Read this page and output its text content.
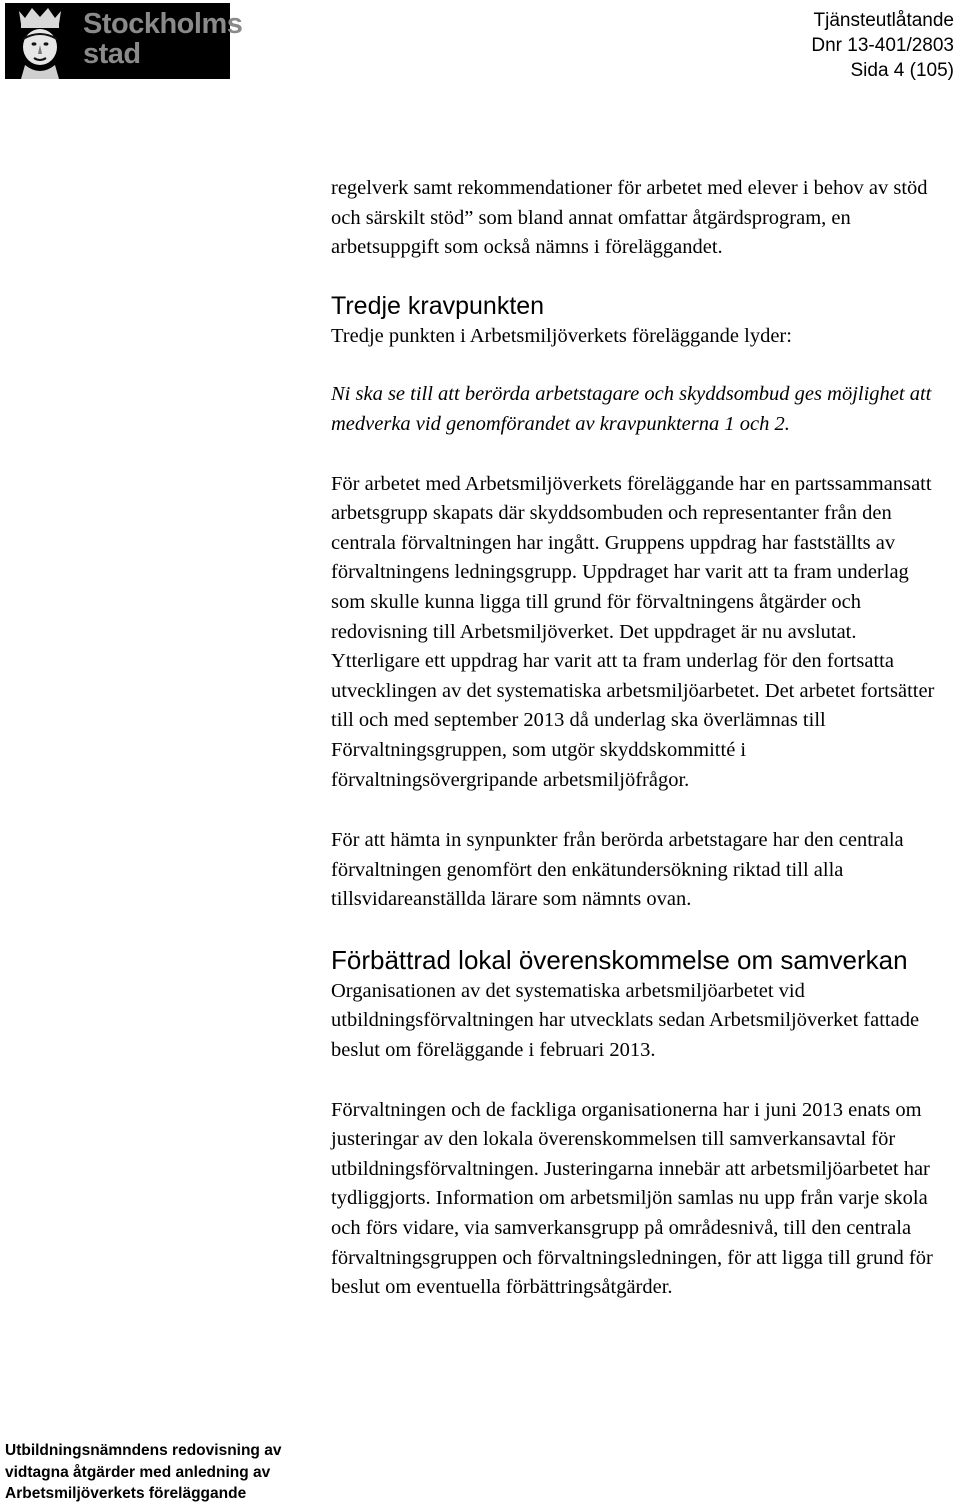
Stockholms
stad
Tjänsteutlåtande
Dnr 13-401/2803
Sida 4 (105)

regelverk samt rekommendationer för arbetet med elever i behov av stöd och särskilt stöd” som bland annat omfattar åtgärdsprogram, en arbetsuppgift som också nämns i föreläggandet.

Tredje kravpunkten

Tredje punkten i Arbetsmiljöverkets föreläggande lyder:

Ni ska se till att berörda arbetstagare och skyddsombud ges möjlighet att medverka vid genomförandet av kravpunkterna 1 och 2.

För arbetet med Arbetsmiljöverkets föreläggande har en partssammansatt arbetsgrupp skapats där skyddsombuden och representanter från den centrala förvaltningen har ingått. Gruppens uppdrag har fastställts av förvaltningens ledningsgrupp. Uppdraget har varit att ta fram underlag som skulle kunna ligga till grund för förvaltningens åtgärder och redovisning till Arbetsmiljöverket. Det uppdraget är nu avslutat. Ytterligare ett uppdrag har varit att ta fram underlag för den fortsatta utvecklingen av det systematiska arbetsmiljöarbetet. Det arbetet fortsätter till och med september 2013 då underlag ska överlämnas till Förvaltningsgruppen, som utgör skyddskommitté i förvaltningsövergripande arbetsmiljöfrågor.

För att hämta in synpunkter från berörda arbetstagare har den centrala förvaltningen genomfört den enkätundersökning riktad till alla tillsvidareanställda lärare som nämnts ovan.

Förbättrad lokal överenskommelse om samverkan

Organisationen av det systematiska arbetsmiljöarbetet vid utbildningsförvaltningen har utvecklats sedan Arbetsmiljöverket fattade beslut om föreläggande i februari 2013.

Förvaltningen och de fackliga organisationerna har i juni 2013 enats om justeringar av den lokala överenskommelsen till samverkansavtal för utbildningsförvaltningen. Justeringarna innebär att arbetsmiljöarbetet har tydliggjorts. Information om arbetsmiljön samlas nu upp från varje skola och förs vidare, via samverkansgrupp på områdesnivå, till den centrala förvaltningsgruppen och förvaltningsledningen, för att ligga till grund för beslut om eventuella förbättringsåtgärder.

Utbildningsnämndens redovisning av
vidtagna åtgärder med anledning av
Arbetsmiljöverkets föreläggande
